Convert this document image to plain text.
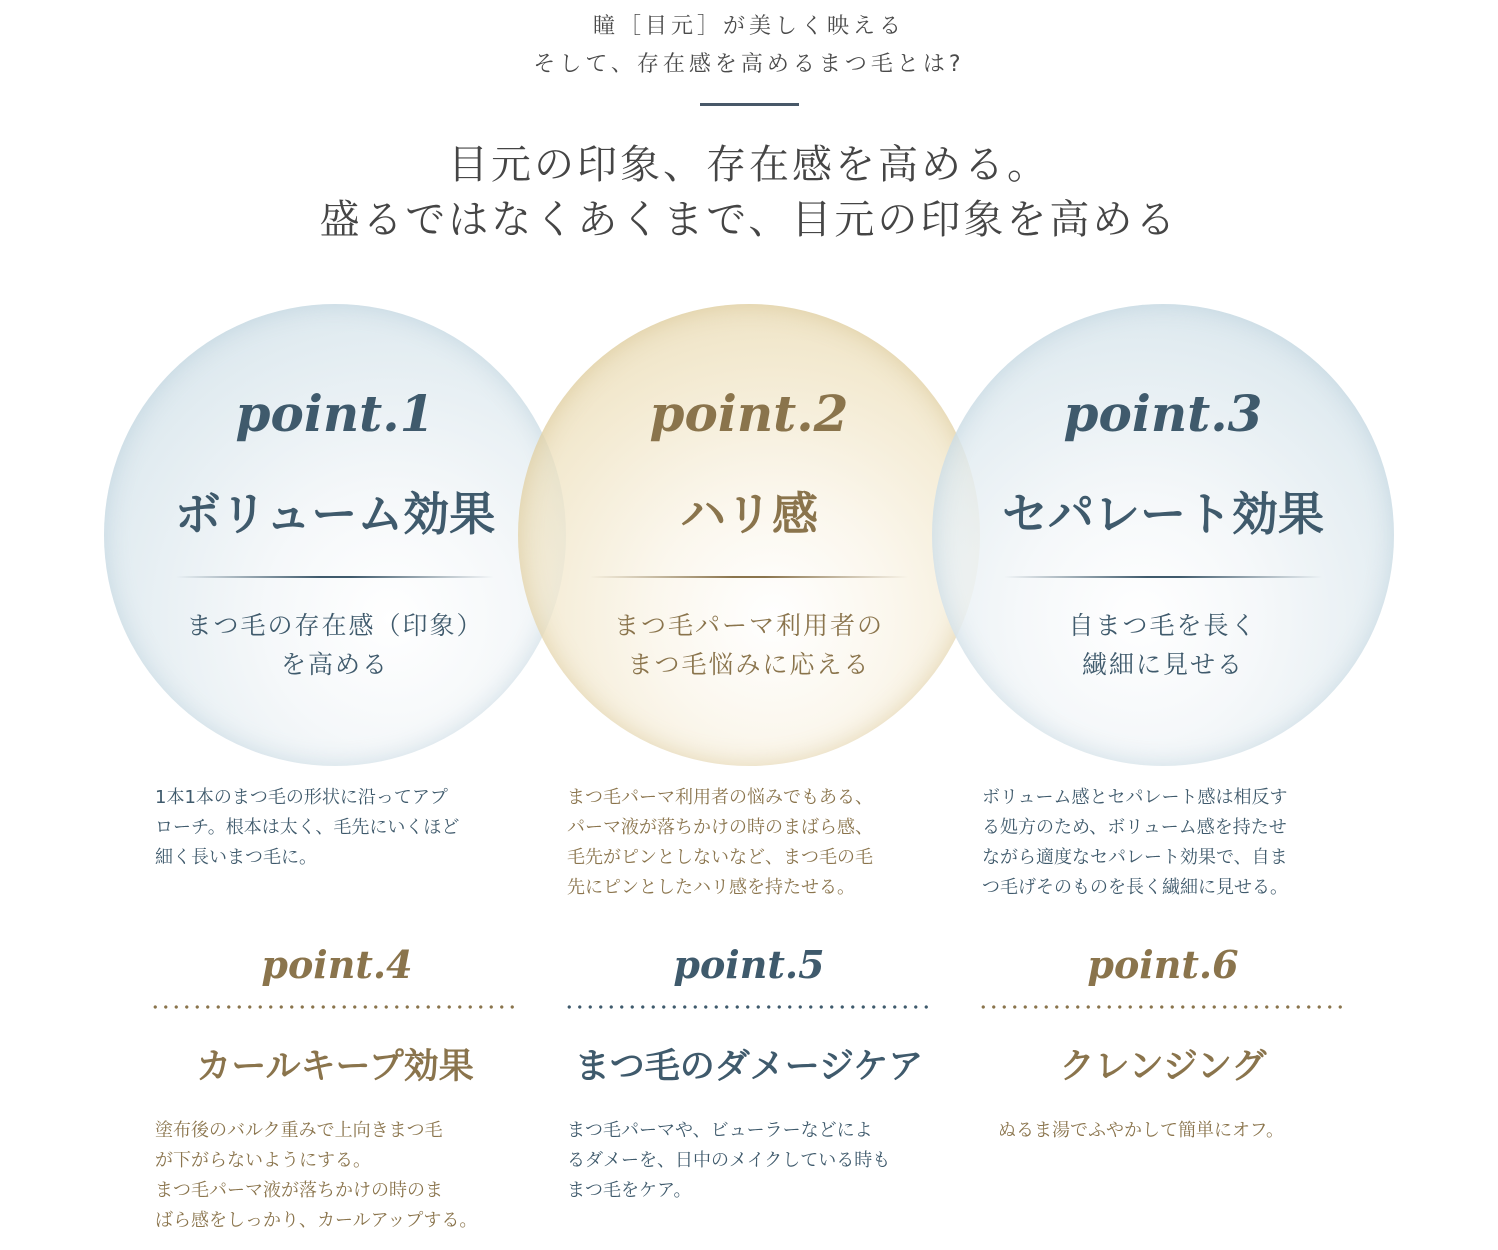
瞳［目元］が美しく映える
そして、存在感を高めるまつ毛とは?
目元の印象、存在感を高める。
盛るではなくあくまで、目元の印象を高める
point.1
ボリューム効果
まつ毛の存在感（印象）
を高める
point.2
ハリ感
まつ毛パーマ利用者の
まつ毛悩みに応える
point.3
セパレート効果
自まつ毛を長く
繊細に見せる
1本1本のまつ毛の形状に沿ってアプ
ローチ。根本は太く、毛先にいくほど
細く長いまつ毛に。
まつ毛パーマ利用者の悩みでもある、
パーマ液が落ちかけの時のまばら感、
毛先がピンとしないなど、まつ毛の毛
先にピンとしたハリ感を持たせる。
ボリューム感とセパレート感は相反す
る処方のため、ボリューム感を持たせ
ながら適度なセパレート効果で、自ま
つ毛げそのものを長く繊細に見せる。
point.4
カールキープ効果
塗布後のバルク重みで上向きまつ毛
が下がらないようにする。
まつ毛パーマ液が落ちかけの時のま
ばら感をしっかり、カールアップする。
point.5
まつ毛のダメージケア
まつ毛パーマや、ビューラーなどによ
るダメーを、日中のメイクしている時も
まつ毛をケア。
point.6
クレンジング
ぬるま湯でふやかして簡単にオフ。
